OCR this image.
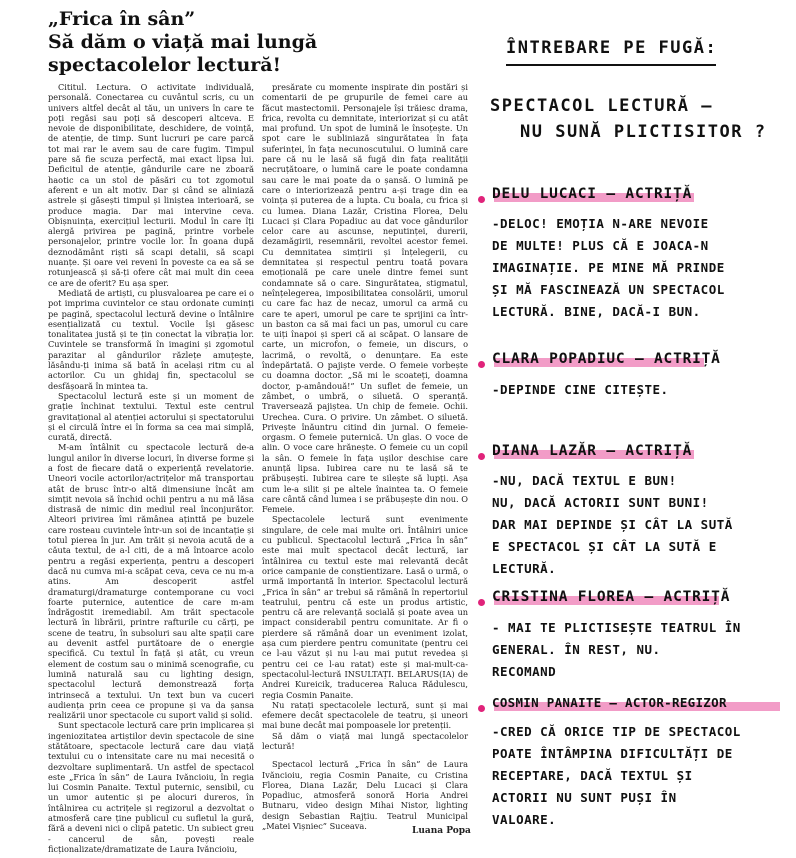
„Frica în sân”
Să dăm o viață mai lungă
spectacolelor lectură!

Cititul. Lectura. O activitate individuală, personală. Conectarea cu cuvântul scris, cu un univers altfel decât al tău, un univers în care te poți regăsi sau poți să descoperi altceva. E nevoie de disponibilitate, deschidere, de voință, de atenție, de timp. Sunt lucruri pe care parcă tot mai rar le avem sau de care fugim. Timpul pare să fie scuza perfectă, mai exact lipsa lui. Deficitul de atenție, gândurile care ne zboară haotic ca un stol de păsări cu tot zgomotul aferent e un alt motiv. Dar și când se aliniază astrele și găsești timpul și liniștea interioară, se produce magia. Dar mai intervine ceva. Obișnuința, exercițiul lecturii. Modul în care îți alergă privirea pe pagină, printre vorbele personajelor, printre vocile lor. În goana după deznodământ riști să scapi detalii, să scapi nuanțe. Și oare vei reveni în poveste ca ea să se rotunjească și să-ți ofere cât mai mult din ceea ce are de oferit? Eu așa sper.

Mediată de artiști, cu plusvaloarea pe care ei o pot imprima cuvintelor ce stau ordonate cuminți pe pagină, spectacolul lectură devine o întâlnire esențializată cu textul. Vocile își găsesc tonalitatea justă și te țin conectat la vibrația lor. Cuvintele se transformă în imagini și zgomotul parazitar al gândurilor răzlețe amuțește, lăsându-ți inima să bată în același ritm cu al actorilor. Cu un ghidaj fin, spectacolul se desfășoară în mintea ta.

Spectacolul lectură este și un moment de grație închinat textului. Textul este centrul gravitațional al atenției actorului și spectatorului și el circulă între ei în forma sa cea mai simplă, curată, directă.

M-am întâlnit cu spectacole lectură de-a lungul anilor în diverse locuri, în diverse forme și a fost de fiecare dată o experiență revelatorie. Uneori vocile actorilor/actrițelor mă transportau atât de brusc într-o altă dimensiune încât am simțit nevoia să închid ochii pentru a nu mă lăsa distrasă de nimic din mediul real înconjurător. Alteori privirea îmi rămânea aținttă pe buzele care rosteau cuvintele într-un soi de incantație și totul pierea în jur. Am trăit și nevoia acută de a căuta textul, de a-l citi, de a mă întoarce acolo pentru a regăsi experiența, pentru a descoperi dacă nu cumva mi-a scăpat ceva, ceva ce nu m-a atins. Am descoperit astfel dramaturgi/dramaturge contemporane cu voci foarte puternice, autentice de care m-am îndrăgostit iremediabil. Am trăit spectacole lectură în librării, printre rafturile cu cărți, pe scene de teatru, în subsoluri sau alte spații care au devenit astfel purtătoare de o energie specifică. Cu textul în față și atât, cu vreun element de costum sau o minimă scenografie, cu lumină naturală sau cu lighting design, spectacolul lectură demonstrează forța intrinsecă a textului. Un text bun va cuceri audiența prin ceea ce propune și va da șansa realizării unor spectacole cu suport valid și solid.

Sunt spectacole lectură care prin implicarea și ingeniozitatea artiștilor devin spectacole de sine stătătoare, spectacole lectură care dau viață textului cu o intensitate care nu mai necesită o dezvoltare suplimentară. Un astfel de spectacol este „Frica în sân” de Laura Ivăncioiu, în regia lui Cosmin Panaite. Textul puternic, sensibil, cu un umor autentic și pe alocuri dureros, în întâlnirea cu actrițele și regizorul a dezvoltat o atmosferă care ține publicul cu sufletul la gură, fără a deveni nici o clipă patetic. Un subiect greu - cancerul de sân, povești reale ficționalizate/dramatizate de Laura Ivăncioiu,

presărate cu momente inspirate din postări și comentarii de pe grupurile de femei care au făcut mastectomii. Personajele își trăiesc drama, frica, revolta cu demnitate, interiorizat și cu atât mai profund. Un spot de lumină le însoțește. Un spot care le subliniază singurătatea în fața suferinței, în fața necunoscutului. O lumină care pare că nu le lasă să fugă din fața realității necruțătoare, o lumină care le poate condamna sau care le mai poate da o șansă. O lumină pe care o interiorizează pentru a-și trage din ea voința și puterea de a lupta. Cu boala, cu frica și cu lumea. Diana Lazăr, Cristina Florea, Delu Lucaci și Clara Popadiuc au dat voce gândurilor celor care au ascunse, neputinței, durerii, dezamăgirii, resemnării, revoltei acestor femei. Cu demnitatea simțirii și înțelegerii, cu demnitatea și respectul pentru toată povara emoțională pe care unele dintre femei sunt condamnate să o care. Singurătatea, stigmatul, neînțelegerea, imposibilitatea consolării, umorul cu care fac haz de necaz, umorul ca armă cu care te aperi, umorul pe care te sprijini ca într-un baston ca să mai faci un pas, umorul cu care te uiți înapoi și speri că ai scăpat. O lansare de carte, un microfon, o femeie, un discurs, o lacrimă, o revoltă, o denunțare. Ea este îndepărtată. O pajiște verde. O femeie vorbește cu doamna doctor. „Să mi le scoateți, doamna doctor, p-amândouă!” Un suflet de femeie, un zâmbet, o umbră, o siluetă. O speranță. Traversează pajiștea. Un chip de femeie. Ochii. Urechea. Cura. O privire. Un zâmbet. O siluetă. Privește înăuntru citind din jurnal. O femeie-orgasm. O femeie puternică. Un glas. O voce de alin. O voce care hrănește. O femeie cu un copil la sân. O femeie în fața ușilor deschise care anunță lipsa. Iubirea care nu te lasă să te prăbușești. Iubirea care te silește să lupți. Așa cum le-a silit și pe altele înaintea ta. O femeie care cântă când lumea i se prăbușește din nou. O Femeie.

Spectacolele lectură sunt evenimente singulare, de cele mai multe ori. Întâlniri unice cu publicul. Spectacolul lectură „Frica în sân” este mai mult spectacol decât lectură, iar întâlnirea cu textul este mai relevantă decât orice campanie de conștientizare. Lasă o urmă, o urmă importantă în interior. Spectacolul lectură „Frica în sân” ar trebui să rămână în repertoriul teatrului, pentru că este un produs artistic, pentru că are relevanță socială și poate avea un impact considerabil pentru comunitate. Ar fi o pierdere să rămână doar un eveniment izolat, așa cum pierdere pentru comunitate (pentru cei ce l-au văzut și nu l-au mai putut revedea și pentru cei ce l-au ratat) este și mai-mult-ca-spectacolul-lectură INSULTAȚI. BELARUS(IA) de Andrei Kureicik, traducerea Raluca Rădulescu, regia Cosmin Panaite.

Nu ratați spectacolele lectură, sunt și mai efemere decât spectacolele de teatru, și uneori mai bune decât mai pompoasele lor pretenții.

Să dăm o viață mai lungă spectacolelor lectură!

Spectacol lectură „Frica în sân” de Laura Ivăncioiu, regia Cosmin Panaite, cu Cristina Florea, Diana Lazăr, Delu Lucaci și Clara Popadiuc, atmosferă sonoră Horia Andrei Butnaru, video design Mihai Nistor, lighting design Sebastian Rajțiu. Teatrul Municipal „Matei Vișniec” Suceava.	Luana Popa
ÎNTREBARE PE FUGĂ:
SPECTACOL LECTURĂ –
NU SUNĂ PLICTISITOR ?
DELU LUCACI – ACTRIȚĂ
-DELOC! EMOȚIA N-ARE NEVOIE
DE MULTE! PLUS CĂ E JOACA-N
IMAGINAȚIE. PE MINE MĂ PRINDE
ȘI MĂ FASCINEAZĂ UN SPECTACOL
LECTURĂ. BINE, DACĂ-I BUN.
CLARA POPADIUC – ACTRIȚĂ
-DEPINDE CINE CITEȘTE.
DIANA LAZĂR – ACTRIȚĂ
-NU, DACĂ TEXTUL E BUN!
NU, DACĂ ACTORII SUNT BUNI!
DAR MAI DEPINDE ȘI CÂT LA SUTĂ
E SPECTACOL ȘI CÂT LA SUTĂ E
LECTURĂ.
CRISTINA FLOREA – ACTRIȚĂ
- MAI TE PLICTISEȘTE TEATRUL ÎN
GENERAL. ÎN REST, NU.
RECOMAND
COSMIN PANAITE – ACTOR-REGIZOR
-CRED CĂ ORICE TIP DE SPECTACOL
POATE ÎNTÂMPINA DIFICULTĂȚI DE
RECEPTARE, DACĂ TEXTUL ȘI
ACTORII NU SUNT PUȘI ÎN
VALOARE.
